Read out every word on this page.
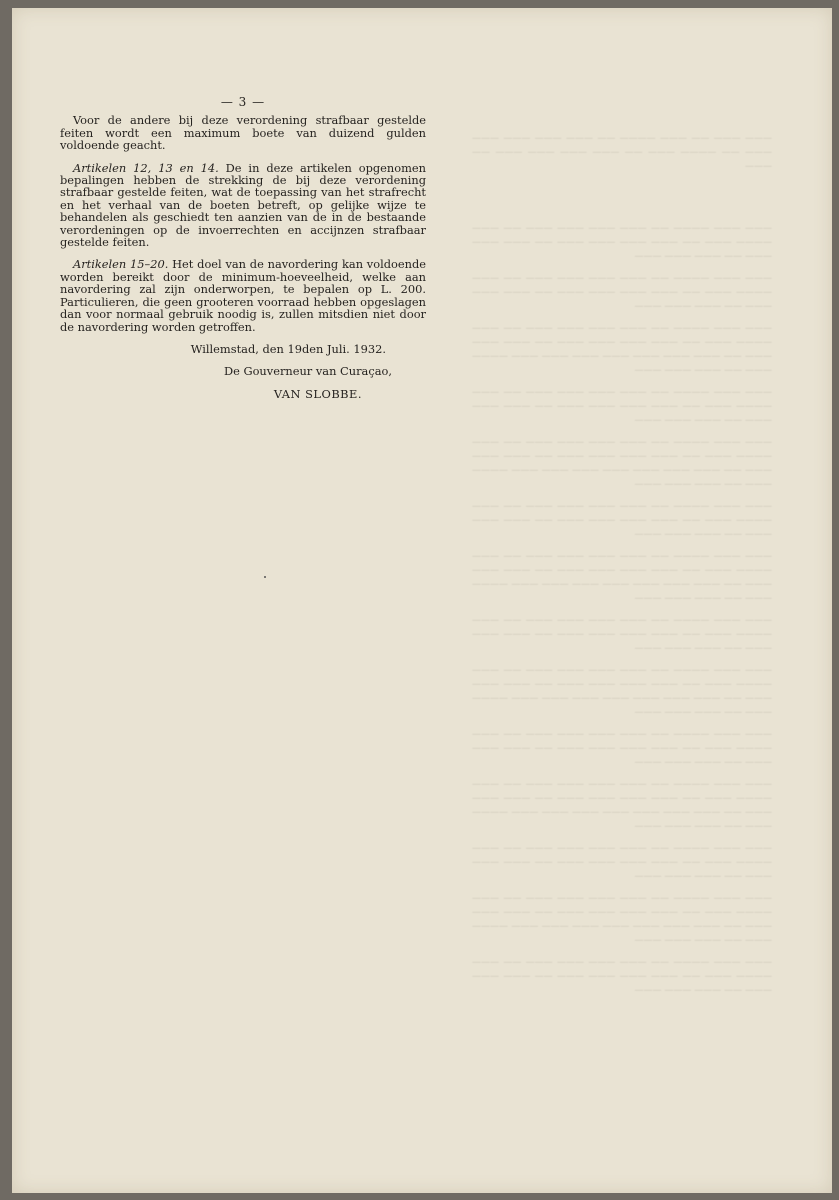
——— ——— —— ——— ———— —— ——— ——— ——— ——— ——— —— ———— ——— —— ——— ——— ——— ——— —— ———

——— ——— ———— —— ——— ——— ——— ——— —— ——— ———— ——— —— ——— ——— ——— ——— —— ——— ——— ——— —— ——— ——— ———

——— ——— ———— —— ——— ——— ——— ——— —— ——— ———— ——— —— ——— ——— ——— ——— —— ——— ——— ——— —— ——— ——— ———

——— ——— ———— —— ——— ——— ——— ——— —— ——— ———— ——— —— ——— ——— ——— ——— —— ——— ——— ——— —— ——— ——— ——— ——— ——— ——— ——— ———— ——— —— ——— ——— ———

——— ——— ———— —— ——— ——— ——— ——— —— ——— ———— ——— —— ——— ——— ——— ——— —— ——— ——— ——— —— ——— ——— ———

——— ——— ———— —— ——— ——— ——— ——— —— ——— ———— ——— —— ——— ——— ——— ——— —— ——— ——— ——— —— ——— ——— ——— ——— ——— ——— ——— ———— ——— —— ——— ——— ———

——— ——— ———— —— ——— ——— ——— ——— —— ——— ———— ——— —— ——— ——— ——— ——— —— ——— ——— ——— —— ——— ——— ———

——— ——— ———— —— ——— ——— ——— ——— —— ——— ———— ——— —— ——— ——— ——— ——— —— ——— ——— ——— —— ——— ——— ——— ——— ——— ——— ——— ———— ——— —— ——— ——— ———

——— ——— ———— —— ——— ——— ——— ——— —— ——— ———— ——— —— ——— ——— ——— ——— —— ——— ——— ——— —— ——— ——— ———

——— ——— ———— —— ——— ——— ——— ——— —— ——— ———— ——— —— ——— ——— ——— ——— —— ——— ——— ——— —— ——— ——— ——— ——— ——— ——— ——— ———— ——— —— ——— ——— ———

——— ——— ———— —— ——— ——— ——— ——— —— ——— ———— ——— —— ——— ——— ——— ——— —— ——— ——— ——— —— ——— ——— ———

——— ——— ———— —— ——— ——— ——— ——— —— ——— ———— ——— —— ——— ——— ——— ——— —— ——— ——— ——— —— ——— ——— ——— ——— ——— ——— ——— ———— ——— —— ——— ——— ———

——— ——— ———— —— ——— ——— ——— ——— —— ——— ———— ——— —— ——— ——— ——— ——— —— ——— ——— ——— —— ——— ——— ———

——— ——— ———— —— ——— ——— ——— ——— —— ——— ———— ——— —— ——— ——— ——— ——— —— ——— ——— ——— —— ——— ——— ——— ——— ——— ——— ——— ———— ——— —— ——— ——— ———

——— ——— ———— —— ——— ——— ——— ——— —— ——— ———— ——— —— ——— ——— ——— ——— —— ——— ——— ——— —— ——— ——— ———

— 3 —

Voor de andere bij deze verordening strafbaar gestelde feiten wordt een maximum boete van duizend gulden voldoende geacht.

Artikelen 12, 13 en 14. De in deze artikelen opgenomen bepalingen hebben de strekking de bij deze verordening strafbaar gestelde feiten, wat de toepassing van het strafrecht en het verhaal van de boeten betreft, op gelijke wijze te behandelen als geschiedt ten aanzien van de in de bestaande verordeningen op de invoerrechten en accijnzen strafbaar gestelde feiten.

Artikelen 15–20. Het doel van de navordering kan voldoende worden bereikt door de minimum-hoeveelheid, welke aan navordering zal zijn onderworpen, te bepalen op L. 200. Particulieren, die geen grooteren voorraad hebben opgeslagen dan voor normaal gebruik noodig is, zullen mitsdien niet door de navordering worden getroffen.

Willemstad, den 19den Juli. 1932.
De Gouverneur van Curaçao,
VAN SLOBBE.
